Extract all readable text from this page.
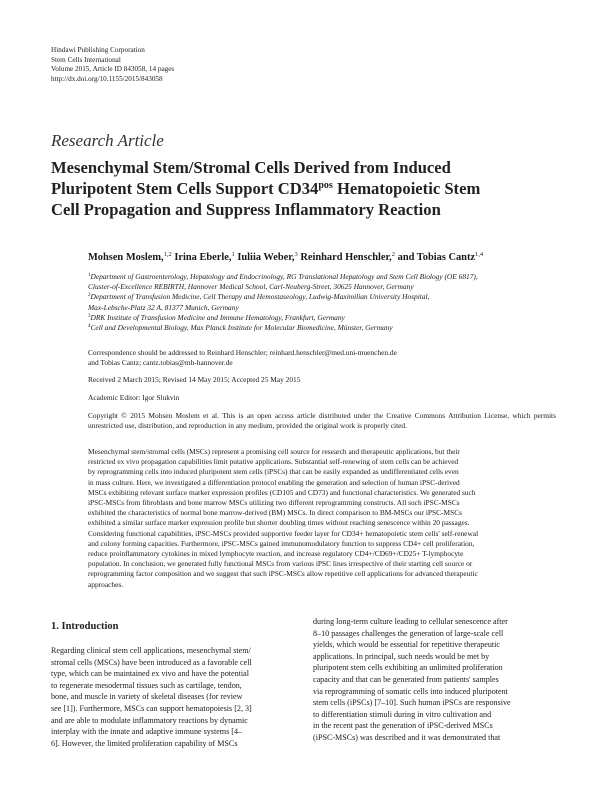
Hindawi Publishing Corporation
Stem Cells International
Volume 2015, Article ID 843058, 14 pages
http://dx.doi.org/10.1155/2015/843058
Research Article
Mesenchymal Stem/Stromal Cells Derived from Induced
Pluripotent Stem Cells Support $CD34^{pos}$ Hematopoietic Stem
Cell Propagation and Suppress Inflammatory Reaction
Mohsen Moslem,$^{1,2}$ Irina Eberle,$^1$ Iuliia Weber,$^3$ Reinhard Henschler,$^2$ and Tobias Cantz$^{1,4}$
$^1$Department of Gastroenterology, Hepatology and Endocrinology, RG Translational Hepatology and Stem Cell Biology (OE 6817),
Cluster-of-Excellence REBIRTH, Hannover Medical School, Carl-Neuberg-Street, 30625 Hannover, Germany
$^2$Department of Transfusion Medicine, Cell Therapy and Hemostaseology, Ludwig-Maximilian University Hospital,
Max-Lebsche-Platz 32 A, 81377 Munich, Germany
$^3$DRK Institute of Transfusion Medicine and Immune Hematology, Frankfurt, Germany
$^4$Cell and Developmental Biology, Max Planck Institute for Molecular Biomedicine, Münster, Germany
Correspondence should be addressed to Reinhard Henschler; reinhard.henschler@med.uni-muenchen.de
and Tobias Cantz; cantz.tobias@mh-hannover.de
Received 2 March 2015; Revised 14 May 2015; Accepted 25 May 2015
Academic Editor: Igor Slukvin
Copyright © 2015 Mohsen Moslem et al. This is an open access article distributed under the Creative Commons Attribution License, which permits unrestricted use, distribution, and reproduction in any medium, provided the original work is properly cited.
Mesenchymal stem/stromal cells (MSCs) represent a promising cell source for research and therapeutic applications, but their
restricted ex vivo propagation capabilities limit putative applications. Substantial self-renewing of stem cells can be achieved
by reprogramming cells into induced pluripotent stem cells (iPSCs) that can be easily expanded as undifferentiated cells even
in mass culture. Here, we investigated a differentiation protocol enabling the generation and selection of human iPSC-derived
MSCs exhibiting relevant surface marker expression profiles (CD105 and CD73) and functional characteristics. We generated such
iPSC-MSCs from fibroblasts and bone marrow MSCs utilizing two different reprogramming constructs. All such iPSC-MSCs
exhibited the characteristics of normal bone marrow-derived (BM) MSCs. In direct comparison to BM-MSCs our iPSC-MSCs
exhibited a similar surface marker expression profile but shorter doubling times without reaching senescence within 20 passages.
Considering functional capabilities, iPSC-MSCs provided supportive feeder layer for CD34+ hematopoietic stem cells' self-renewal
and colony forming capacities. Furthermore, iPSC-MSCs gained immunomodulatory function to suppress CD4+ cell proliferation,
reduce proinflammatory cytokines in mixed lymphocyte reaction, and increase regulatory CD4+/CD69+/CD25+ T-lymphocyte
population. In conclusion, we generated fully functional MSCs from various iPSC lines irrespective of their starting cell source or
reprogramming factor composition and we suggest that such iPSC-MSCs allow repetitive cell applications for advanced therapeutic
approaches.
1. Introduction
Regarding clinical stem cell applications, mesenchymal stem/
stromal cells (MSCs) have been introduced as a favorable cell
type, which can be maintained ex vivo and have the potential
to regenerate mesodermal tissues such as cartilage, tendon,
bone, and muscle in variety of skeletal diseases (for review
see [1]). Furthermore, MSCs can support hematopoiesis [2, 3]
and are able to modulate inflammatory reactions by dynamic
interplay with the innate and adaptive immune systems [4–
6]. However, the limited proliferation capability of MSCs
during long-term culture leading to cellular senescence after
8–10 passages challenges the generation of large-scale cell
yields, which would be essential for repetitive therapeutic
applications. In principal, such needs would be met by
pluripotent stem cells exhibiting an unlimited proliferation
capacity and that can be generated from patients' samples
via reprogramming of somatic cells into induced pluripotent
stem cells (iPSCs) [7–10]. Such human iPSCs are responsive
to differentiation stimuli during in vitro cultivation and
in the recent past the generation of iPSC-derived MSCs
(iPSC-MSCs) was described and it was demonstrated that
